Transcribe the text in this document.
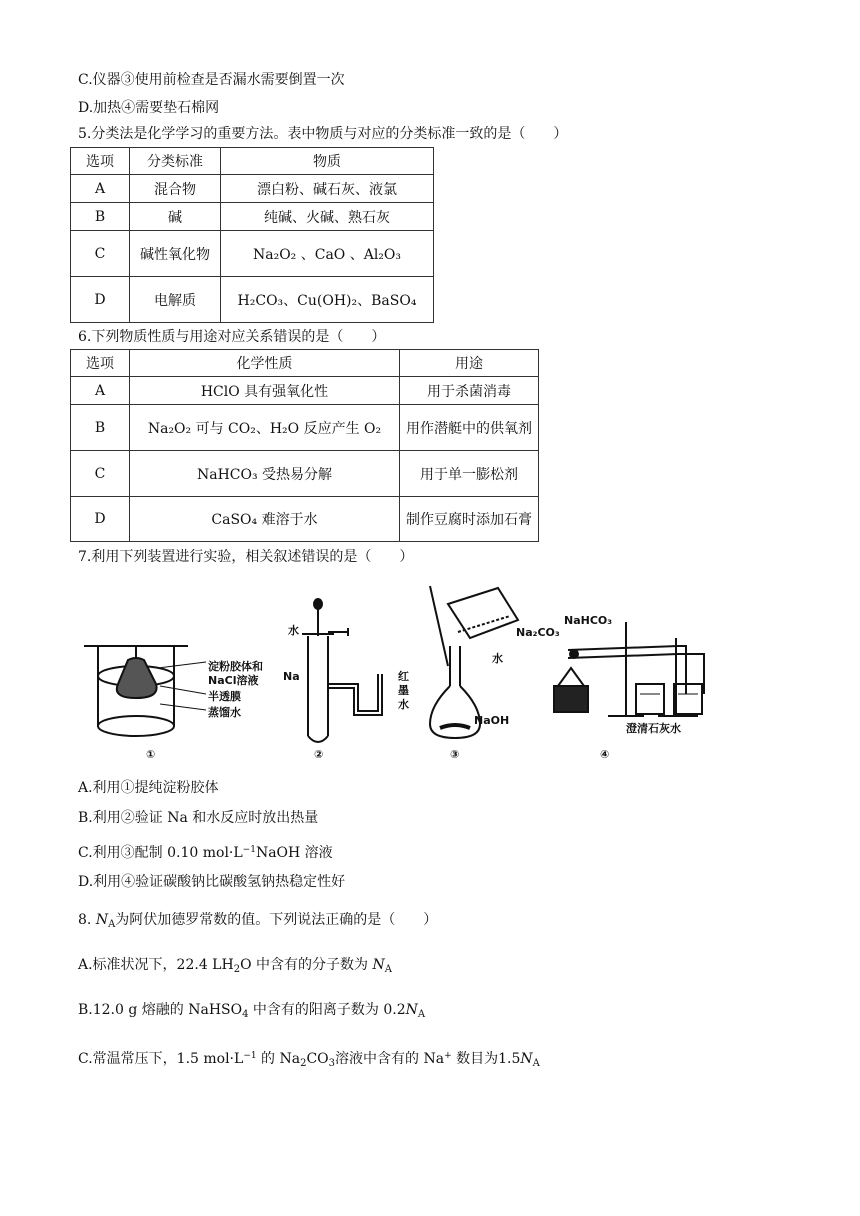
C.仪器③使用前检查是否漏水需要倒置一次
D.加热④需要垫石棉网
5.分类法是化学学习的重要方法。表中物质与对应的分类标准一致的是（　　）
选项	分类标准	物质
A	混合物	漂白粉、碱石灰、液氯
B	碱	纯碱、火碱、熟石灰
C	碱性氧化物	Na₂O₂ 、CaO 、Al₂O₃
D	电解质	H₂CO₃、Cu(OH)₂、BaSO₄
6.下列物质性质与用途对应关系错误的是（　　）
选项	化学性质	用途
A	HClO 具有强氧化性	用于杀菌消毒
B	Na₂O₂ 可与 CO₂、H₂O 反应产生 O₂	用作潜艇中的供氧剂
C	NaHCO₃ 受热易分解	用于单一膨松剂
D	CaSO₄ 难溶于水	制作豆腐时添加石膏
7.利用下列装置进行实验，相关叙述错误的是（　　）
淀粉胶体和
NaCl溶液
半透膜
蒸馏水
水
Na	红
墨
水
水
NaOH
Na₂CO₃
NaHCO₃
澄清石灰水
①	②	③	④
A.利用①提纯淀粉胶体
B.利用②验证 Na 和水反应时放出热量
C.利用③配制 0.10 $mol\cdot L^{-1}NaOH$ 溶液
D.利用④验证碳酸钠比碳酸氢钠热稳定性好
8. $N_A$为阿伏加德罗常数的值。下列说法正确的是（　　）
A.标准状况下，22.4 $LH_2O$ 中含有的分子数为 $N_A$
B.12.0 g 熔融的 NaHSO$_4$ 中含有的阳离子数为 $0.2N_A$
C.常温常压下，1.5 $mol\cdot L^{-1}$ 的 $Na_2CO_3$溶液中含有的 Na+ 数目为$1.5N_A$
